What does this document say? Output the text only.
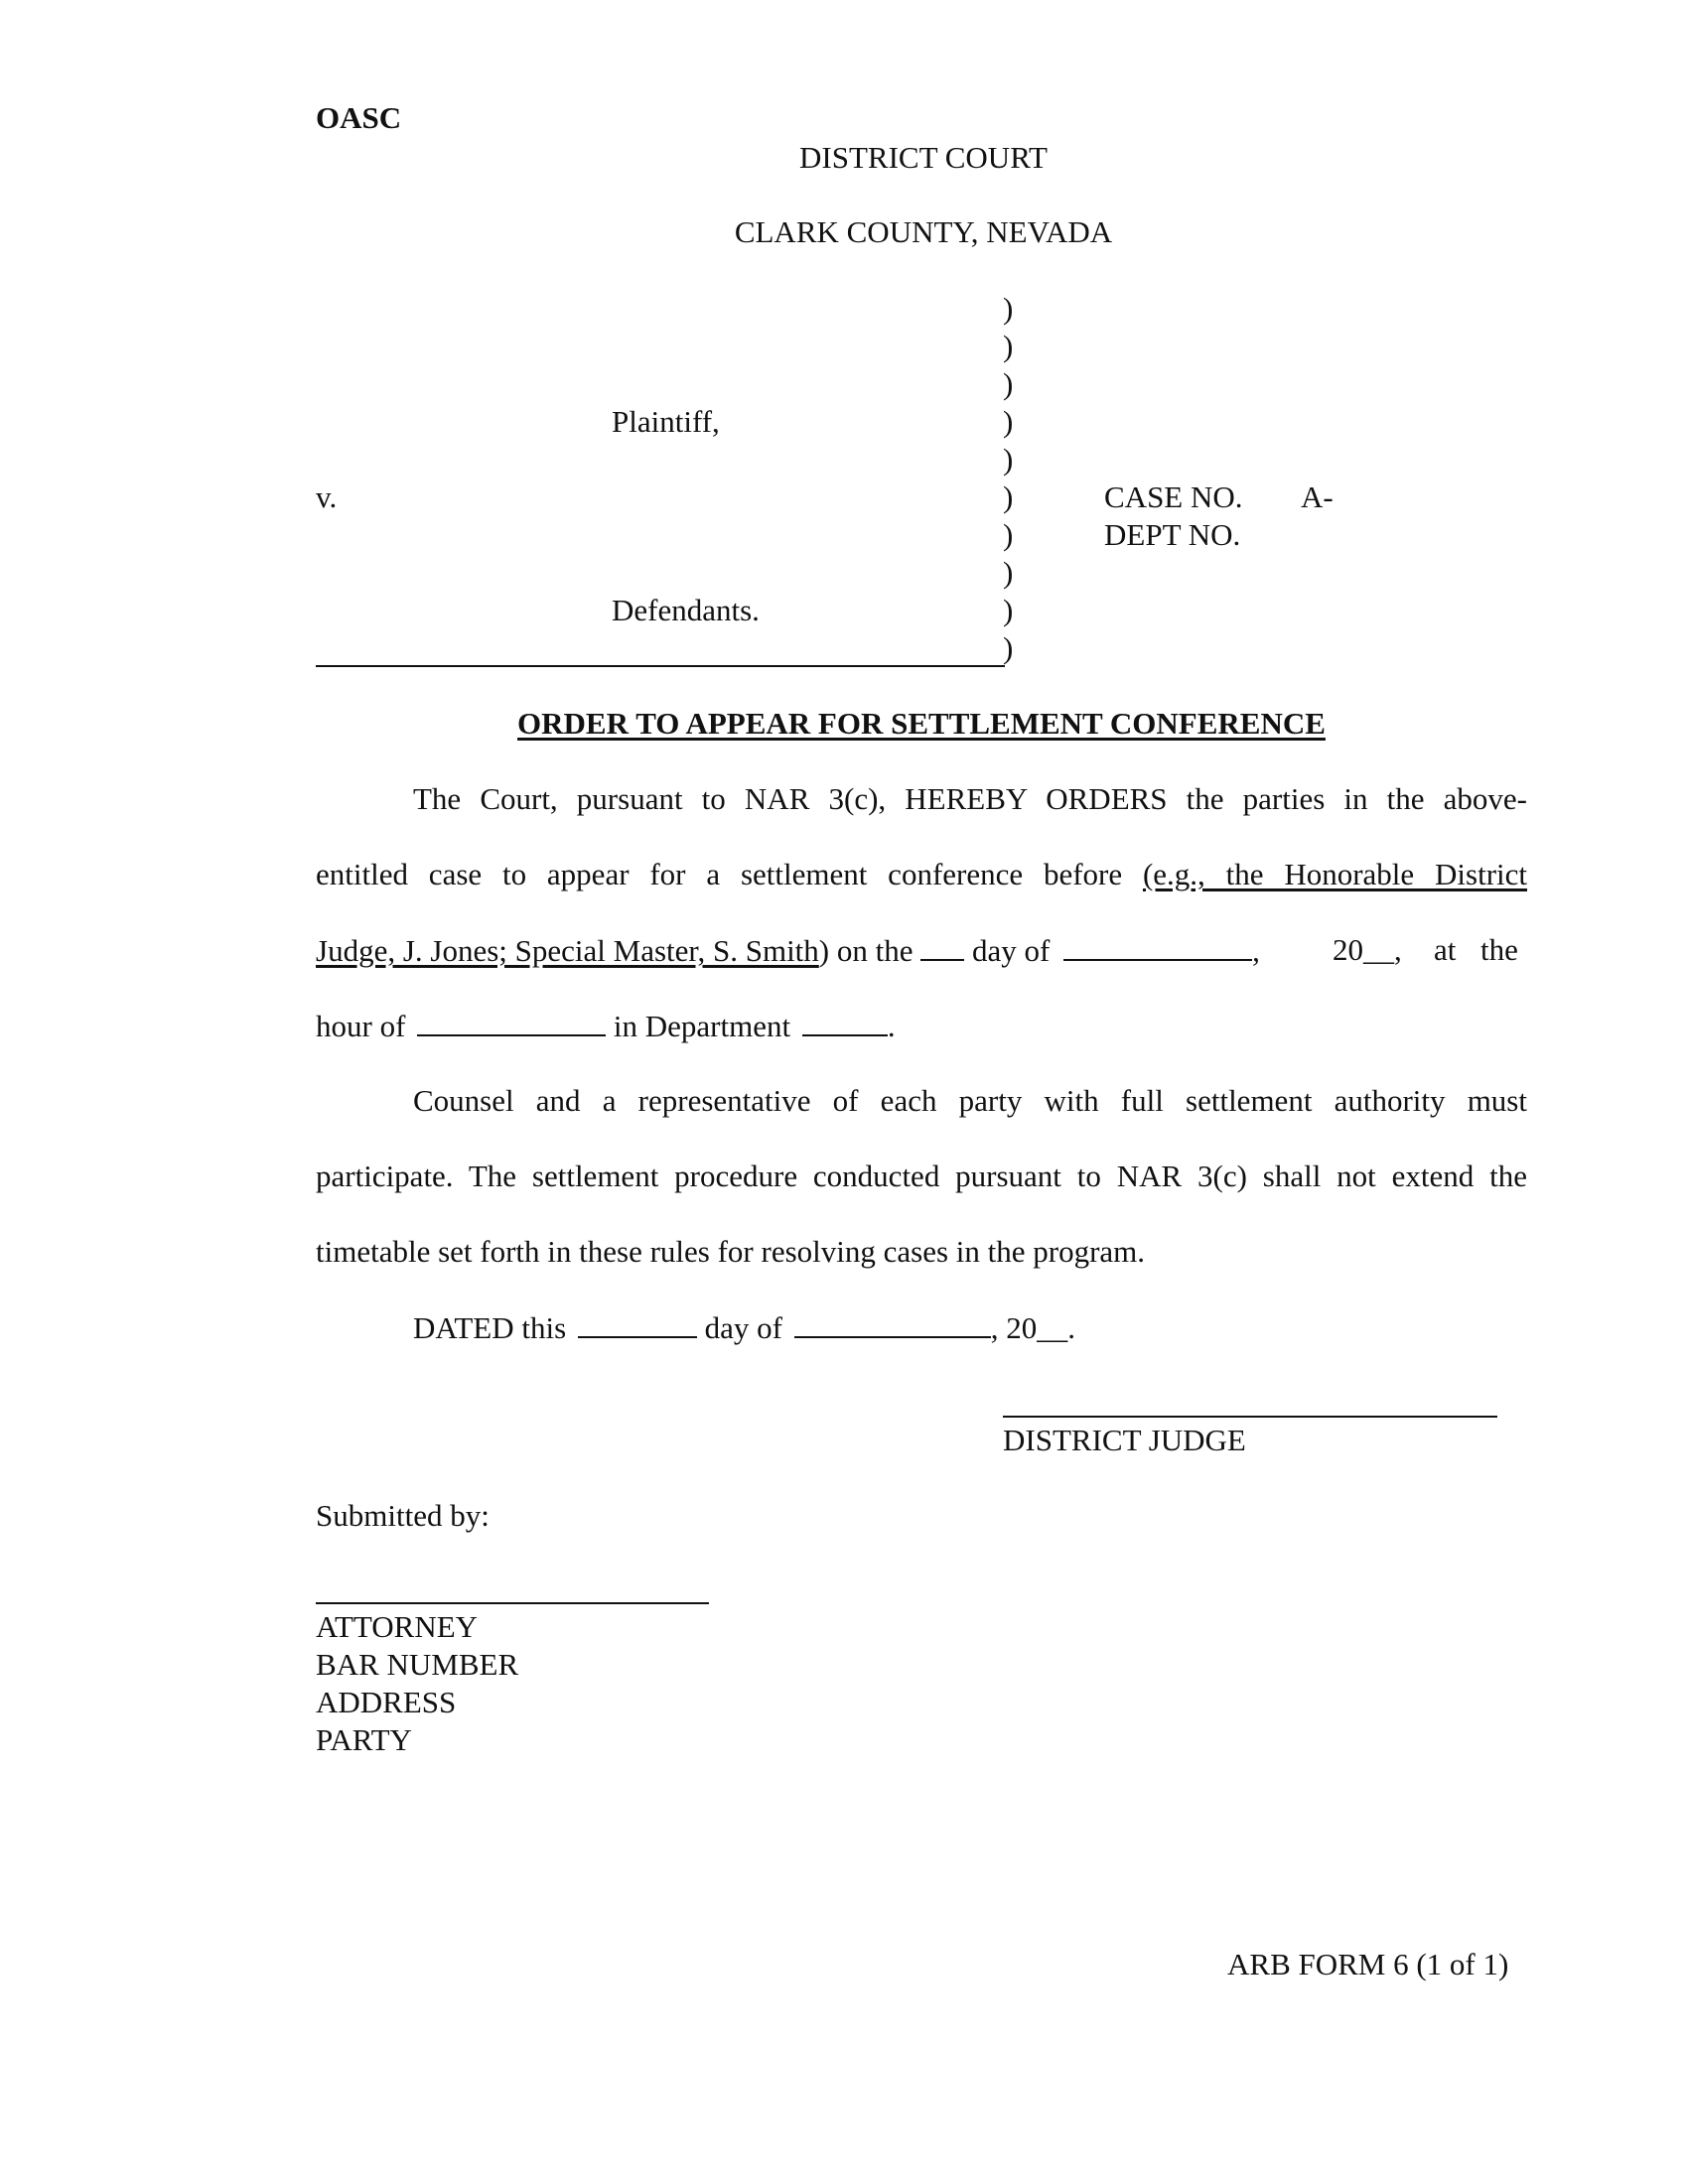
OASC

DISTRICT COURT

CLARK COUNTY, NEVADA

)

)

)

)

)

)

)

)

)

)

Plaintiff,

v.

Defendants.

CASE NO. A-

DEPT NO.

ORDER TO APPEAR FOR SETTLEMENT CONFERENCE

The Court, pursuant to NAR 3(c), HEREBY ORDERS the parties in the above-

entitled case to appear for a settlement conference before (e.g., the Honorable District

Judge, J. Jones; Special Master, S. Smith) on the day of	, 20__, at the

hour of	in Department	.

Counsel and a representative of each party with full settlement authority must

participate. The settlement procedure conducted pursuant to NAR 3(c) shall not extend the

timetable set forth in these rules for resolving cases in the program.

DATED this	day of	, 20__.

DISTRICT JUDGE

Submitted by:

ATTORNEY

BAR NUMBER

ADDRESS

PARTY

ARB FORM 6 (1 of 1)
